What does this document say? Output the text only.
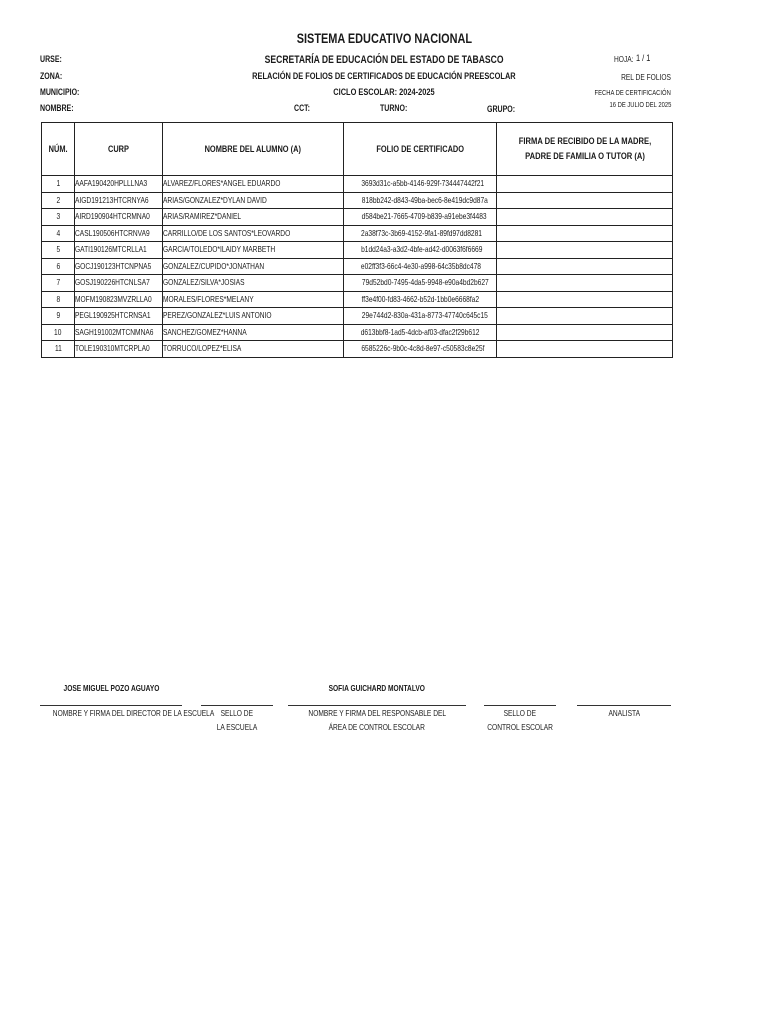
SISTEMA EDUCATIVO NACIONAL
SECRETARÍA DE EDUCACIÓN DEL ESTADO DE TABASCO
RELACIÓN DE FOLIOS DE CERTIFICADOS DE EDUCACIÓN PREESCOLAR
CICLO ESCOLAR: 2024-2025
URSE:
ZONA:
MUNICIPIO:
NOMBRE:	CCT:	TURNO:	GRUPO:
HOJA: 1 / 1
REL DE FOLIOS
FECHA DE CERTIFICACIÓN
16 DE JULIO DEL 2025
NÚM.	CURP	NOMBRE DEL ALUMNO (A)	FOLIO DE CERTIFICADO	FIRMA DE RECIBIDO DE LA MADRE, PADRE DE FAMILIA O TUTOR (A)

1	AAFA190420HPLLLNA3	ALVAREZ/FLORES*ANGEL EDUARDO	3693d31c-a5bb-4146-929f-734447442f21	
2	AIGD191213HTCRNYA6	ARIAS/GONZALEZ*DYLAN DAVID	818bb242-d843-49ba-bec6-8e419dc9d87a	
3	AIRD190904HTCRMNA0	ARIAS/RAMIREZ*DANIEL	d584be21-7665-4709-b839-a91ebe3f4483	
4	CASL190506HTCRNVA9	CARRILLO/DE LOS SANTOS*LEOVARDO	2a38f73c-3b69-4152-9fa1-89fd97dd8281	
5	GATI190126MTCRLLA1	GARCIA/TOLEDO*ILAIDY MARBETH	b1dd24a3-a3d2-4bfe-ad42-d0063f6f6669	
6	GOCJ190123HTCNPNA5	GONZALEZ/CUPIDO*JONATHAN	e02ff3f3-66c4-4e30-a998-64c35b8dc478	
7	GOSJ190226HTCNLSA7	GONZALEZ/SILVA*JOSIAS	79d52bd0-7495-4da5-9948-e90a4bd2b627	
8	MOFM190823MVZRLLA0	MORALES/FLORES*MELANY	ff3e4f00-fd83-4662-b52d-1bb0e6668fa2	
9	PEGL190925HTCRNSA1	PEREZ/GONZALEZ*LUIS ANTONIO	29e744d2-830a-431a-8773-47740c645c15	
10	SAGH191002MTCNMNA6	SANCHEZ/GOMEZ*HANNA	d613bbf8-1ad5-4dcb-af03-dfac2f29b612	
11	TOLE190310MTCRPLA0	TORRUCO/LOPEZ*ELISA	6585226c-9b0c-4c8d-8e97-c50583c8e25f	
JOSE MIGUEL POZO AGUAYO	SOFIA GUICHARD MONTALVO
NOMBRE Y FIRMA DEL DIRECTOR DE LA ESCUELA SELLO DE
LA ESCUELA
NOMBRE Y FIRMA DEL RESPONSABLE DEL
ÁREA DE CONTROL ESCOLAR
SELLO DE
CONTROL ESCOLAR
ANALISTA
